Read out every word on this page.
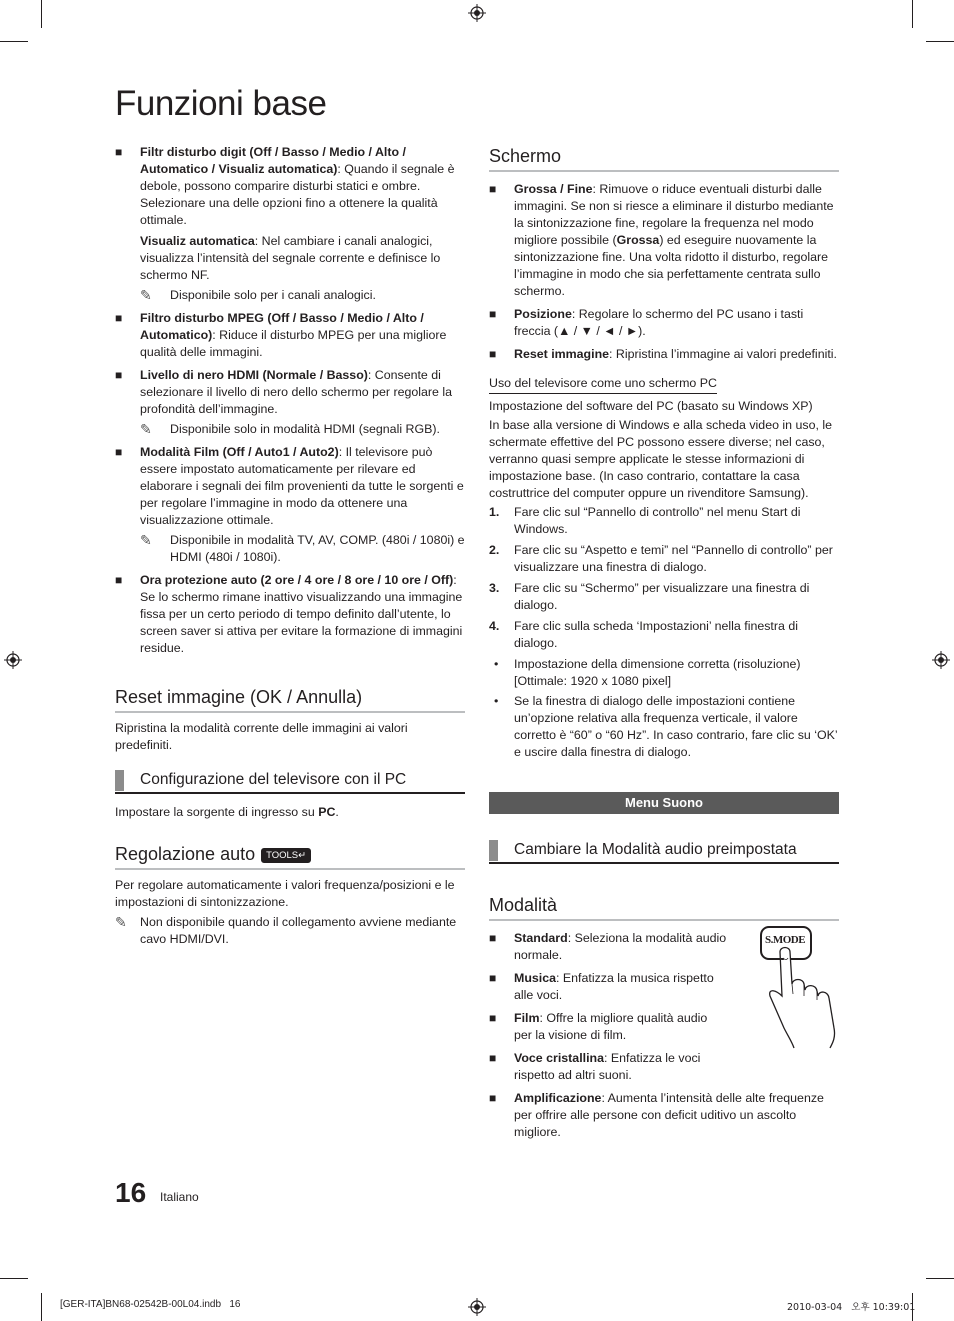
Funzioni base
■ Filtr disturbo digit (Off / Basso / Medio / Alto / Automatico / Visualiz automatica): Quando il segnale è debole, possono comparire disturbi statici e ombre. Selezionare una delle opzioni fino a ottenere la qualità ottimale.
Visualiz automatica: Nel cambiare i canali analogici, visualizza l’intensità del segnale corrente e definisce lo schermo NF.
✎ Disponibile solo per i canali analogici.
■ Filtro disturbo MPEG (Off / Basso / Medio / Alto / Automatico): Riduce il disturbo MPEG per una migliore qualità delle immagini.
■ Livello di nero HDMI (Normale / Basso): Consente di selezionare il livello di nero dello schermo per regolare la profondità dell’immagine.
✎ Disponibile solo in modalità HDMI (segnali RGB).
■ Modalità Film (Off / Auto1 / Auto2): Il televisore può essere impostato automaticamente per rilevare ed elaborare i segnali dei film provenienti da tutte le sorgenti e per regolare l’immagine in modo da ottenere una visualizzazione ottimale.
✎ Disponibile in modalità TV, AV, COMP. (480i / 1080i) e HDMI (480i / 1080i).
■ Ora protezione auto (2 ore / 4 ore / 8 ore / 10 ore / Off): Se lo schermo rimane inattivo visualizzando una immagine fissa per un certo periodo di tempo definito dall’utente, lo screen saver si attiva per evitare la formazione di immagini residue.
Reset immagine (OK / Annulla)
Ripristina la modalità corrente delle immagini ai valori predefiniti.
Configurazione del televisore con il PC
Impostare la sorgente di ingresso su PC.
Regolazione auto TOOLS↵
Per regolare automaticamente i valori frequenza/posizioni e le impostazioni di sintonizzazione.
✎ Non disponibile quando il collegamento avviene mediante cavo HDMI/DVI.
Schermo
■ Grossa / Fine: Rimuove o riduce eventuali disturbi dalle immagini. Se non si riesce a eliminare il disturbo mediante la sintonizzazione fine, regolare la frequenza nel modo migliore possibile (Grossa) ed eseguire nuovamente la sintonizzazione fine. Una volta ridotto il disturbo, regolare l’immagine in modo che sia perfettamente centrata sullo schermo.
■ Posizione: Regolare lo schermo del PC usano i tasti freccia (▲ / ▼ / ◄ / ►).
■ Reset immagine: Ripristina l’immagine ai valori predefiniti.
Uso del televisore come uno schermo PC
Impostazione del software del PC (basato su Windows XP)
In base alla versione di Windows e alla scheda video in uso, le schermate effettive del PC possono essere diverse; nel caso, verranno quasi sempre applicate le stesse informazioni di impostazione base. (In caso contrario, contattare la casa costruttrice del computer oppure un rivenditore Samsung).
1. Fare clic sul “Pannello di controllo” nel menu Start di Windows.
2. Fare clic su “Aspetto e temi” nel “Pannello di controllo” per visualizzare una finestra di dialogo.
3. Fare clic su “Schermo” per visualizzare una finestra di dialogo.
4. Fare clic sulla scheda ‘Impostazioni’ nella finestra di dialogo.
• Impostazione della dimensione corretta (risoluzione) [Ottimale: 1920 x 1080 pixel]
• Se la finestra di dialogo delle impostazioni contiene un’opzione relativa alla frequenza verticale, il valore corretto è “60” o “60 Hz”. In caso contrario, fare clic su ‘OK’ e uscire dalla finestra di dialogo.
Menu Suono
Cambiare la Modalità audio preimpostata
Modalità
■ Standard: Seleziona la modalità audio normale.
■ Musica: Enfatizza la musica rispetto alle voci.
■ Film: Offre la migliore qualità audio per la visione di film.
■ Voce cristallina: Enfatizza le voci rispetto ad altri suoni.
■ Amplificazione: Aumenta l’intensità delle alte frequenze per offrire alle persone con deficit uditivo un ascolto migliore.
S.MODE
16 Italiano
[GER-ITA]BN68-02542B-00L04.indb   16	2010-03-04   오후 10:39:01
